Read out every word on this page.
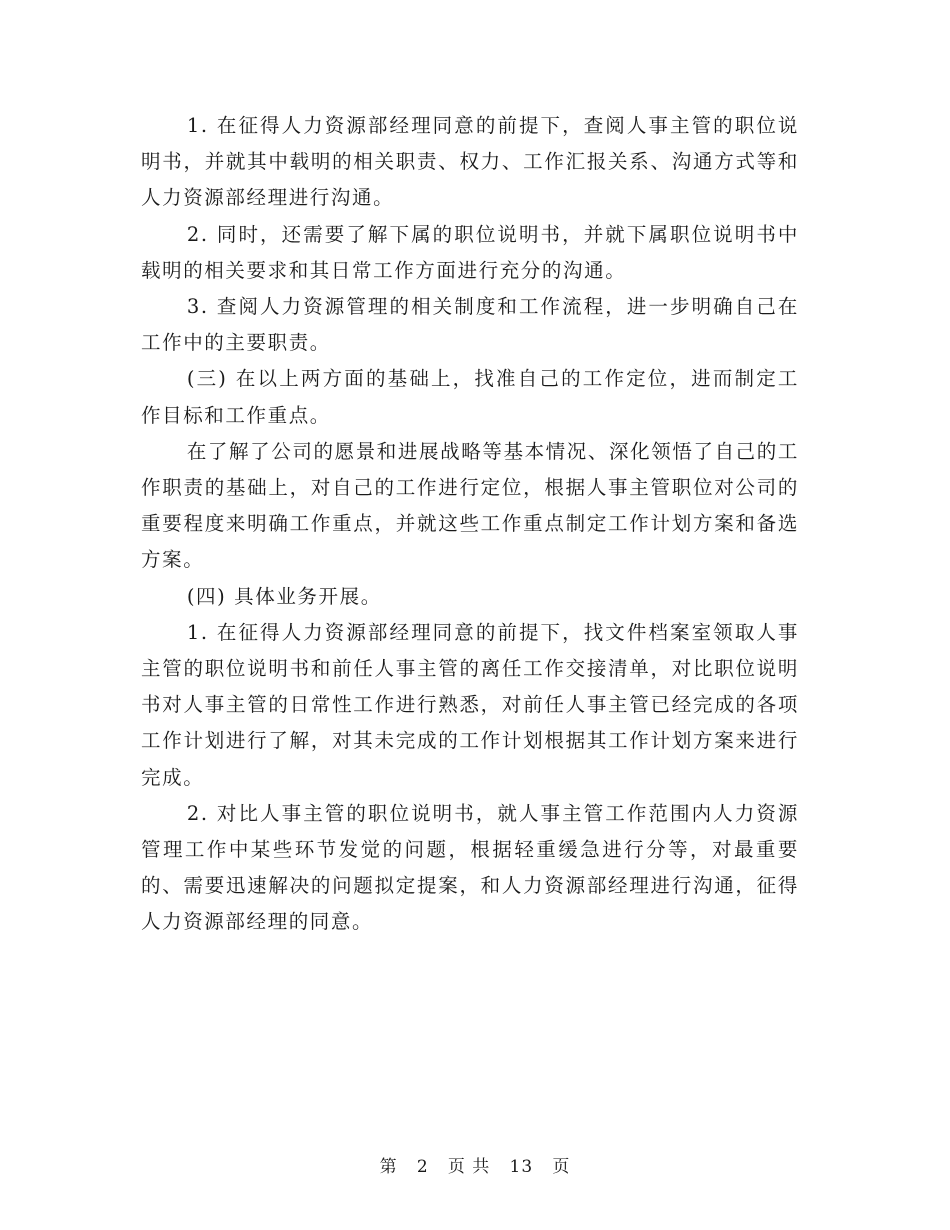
1. 在征得人力资源部经理同意的前提下，查阅人事主管的职位说明书，并就其中载明的相关职责、权力、工作汇报关系、沟通方式等和人力资源部经理进行沟通。

2. 同时，还需要了解下属的职位说明书，并就下属职位说明书中载明的相关要求和其日常工作方面进行充分的沟通。

3. 查阅人力资源管理的相关制度和工作流程，进一步明确自己在工作中的主要职责。

(三) 在以上两方面的基础上，找准自己的工作定位，进而制定工作目标和工作重点。

在了解了公司的愿景和进展战略等基本情况、深化领悟了自己的工作职责的基础上，对自己的工作进行定位，根据人事主管职位对公司的重要程度来明确工作重点，并就这些工作重点制定工作计划方案和备选方案。

(四) 具体业务开展。

1. 在征得人力资源部经理同意的前提下，找文件档案室领取人事主管的职位说明书和前任人事主管的离任工作交接清单，对比职位说明书对人事主管的日常性工作进行熟悉，对前任人事主管已经完成的各项工作计划进行了解，对其未完成的工作计划根据其工作计划方案来进行完成。

2. 对比人事主管的职位说明书，就人事主管工作范围内人力资源管理工作中某些环节发觉的问题，根据轻重缓急进行分等，对最重要的、需要迅速解决的问题拟定提案，和人力资源部经理进行沟通，征得人力资源部经理的同意。

第 2 页 共 13 页
